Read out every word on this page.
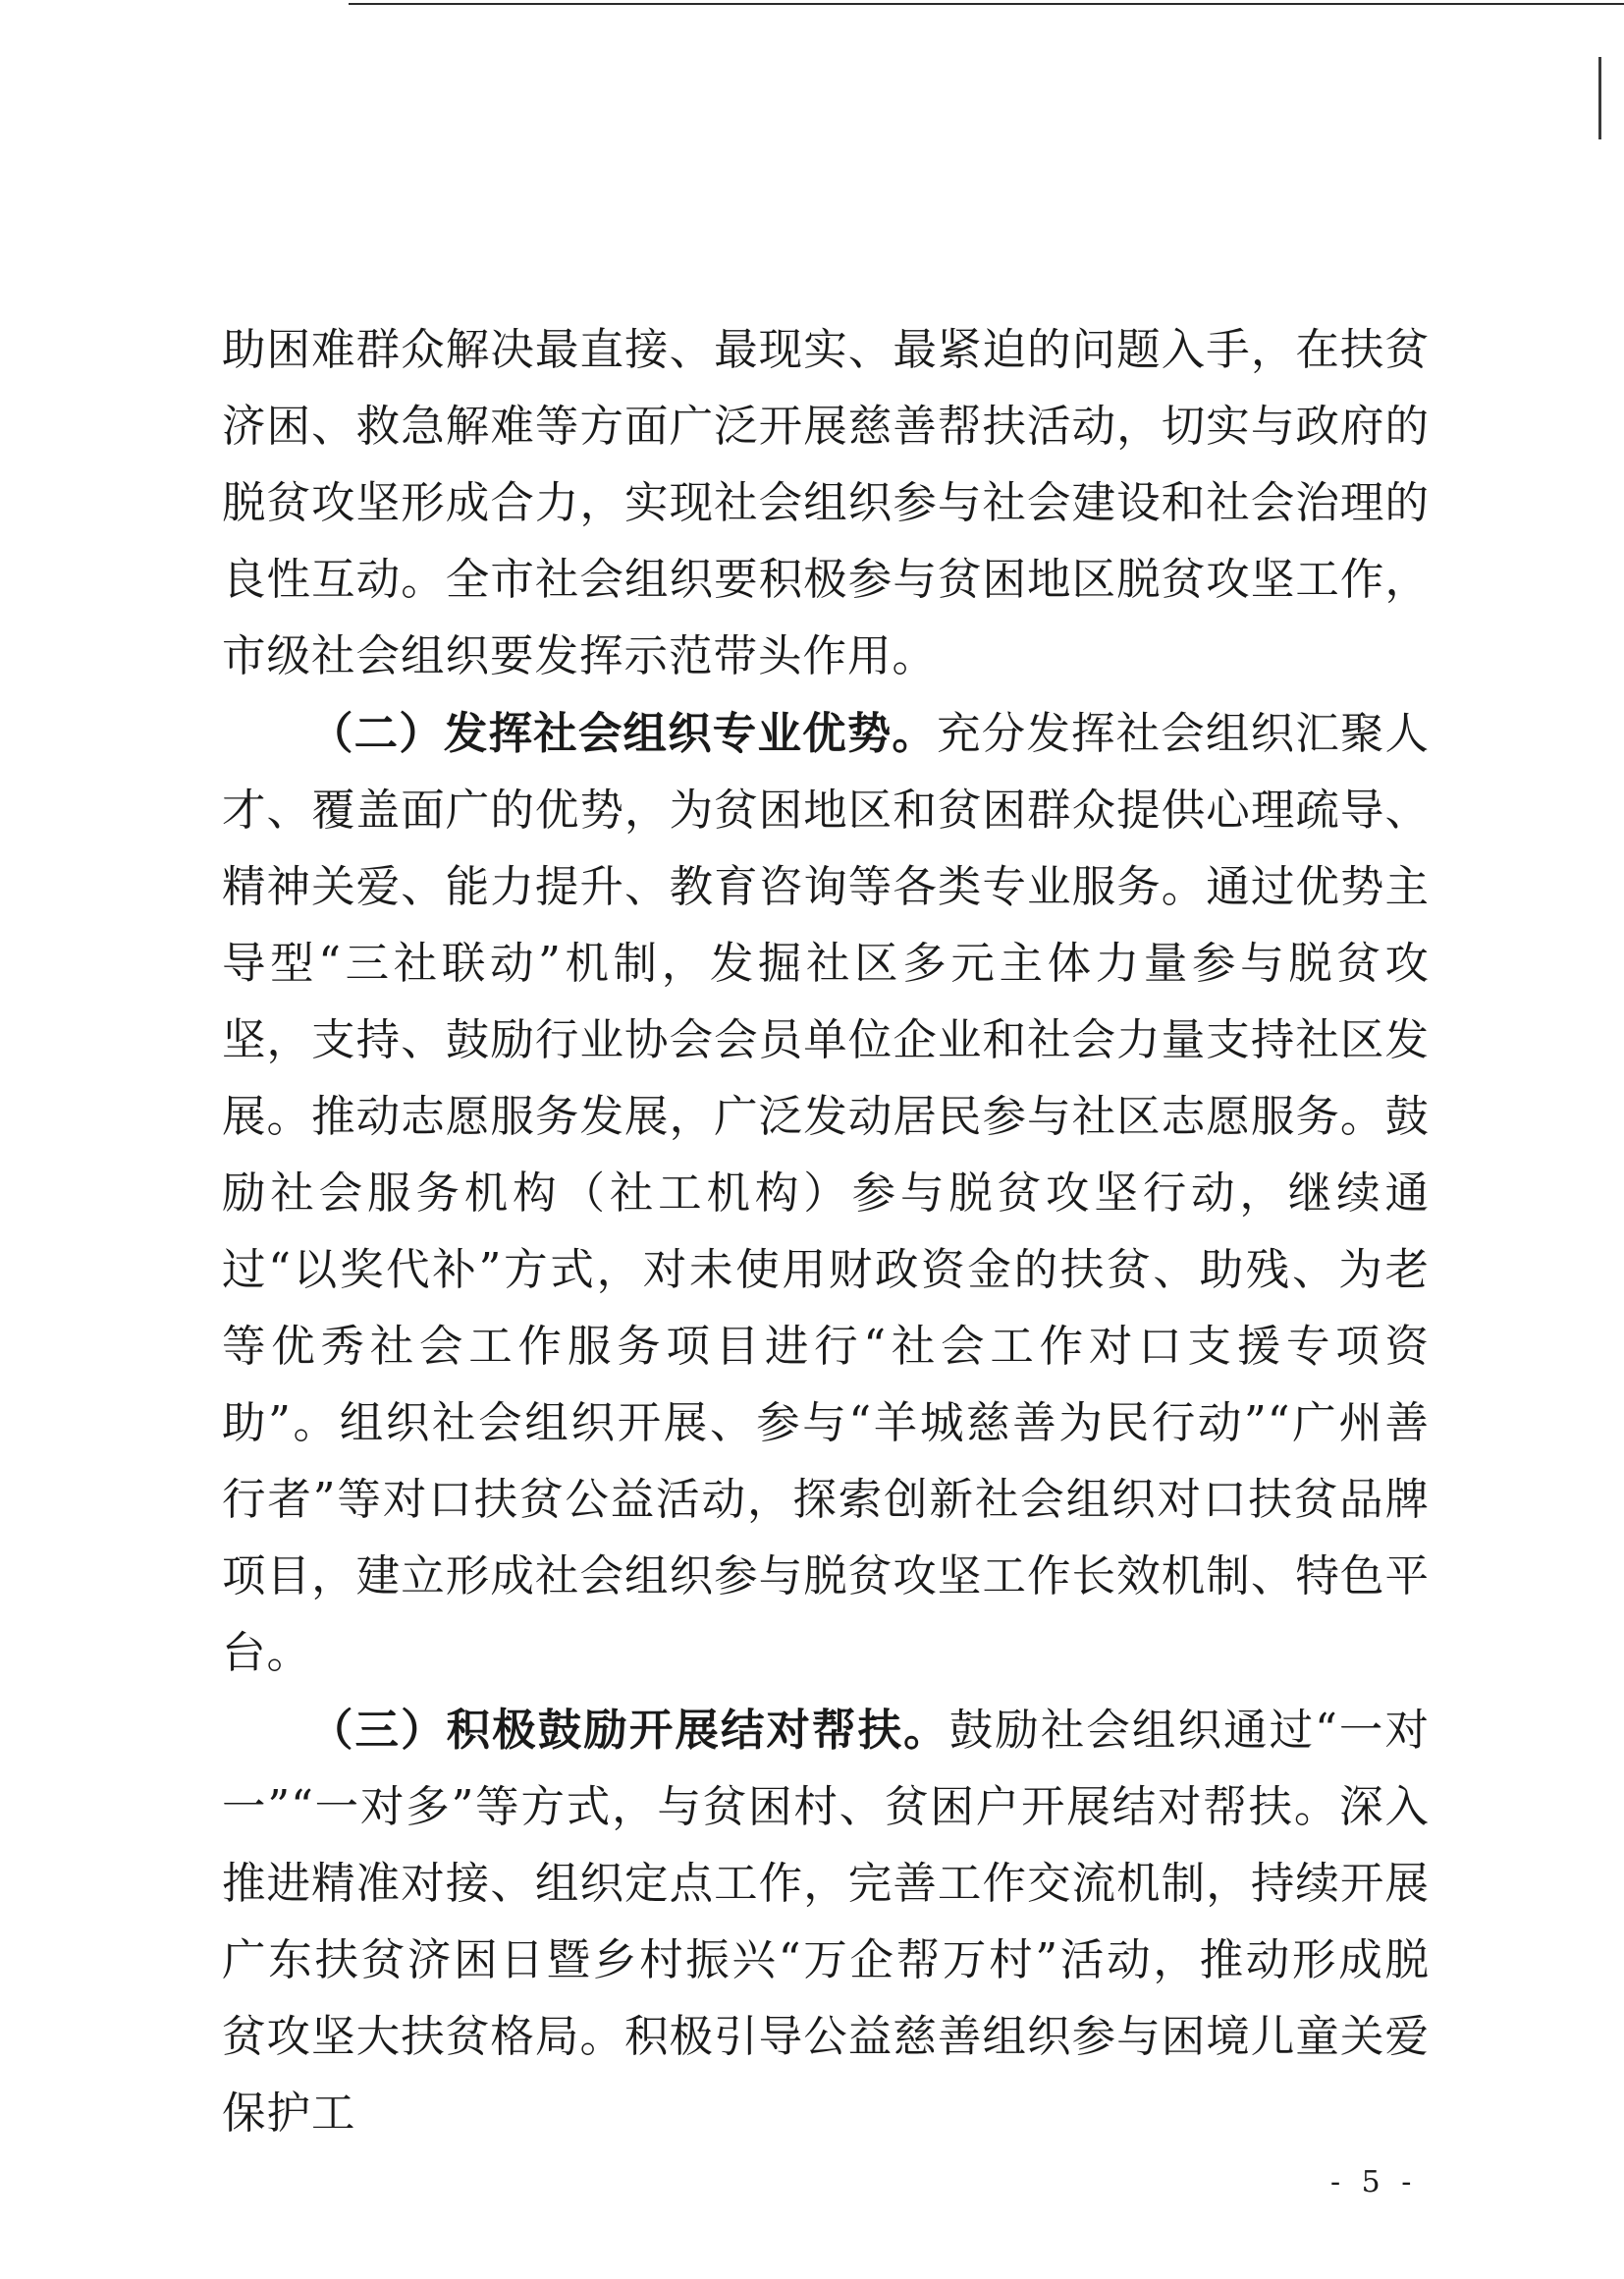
助困难群众解决最直接、最现实、最紧迫的问题入手，在扶贫济困、救急解难等方面广泛开展慈善帮扶活动，切实与政府的脱贫攻坚形成合力，实现社会组织参与社会建设和社会治理的良性互动。全市社会组织要积极参与贫困地区脱贫攻坚工作，市级社会组织要发挥示范带头作用。

（二）发挥社会组织专业优势。充分发挥社会组织汇聚人才、覆盖面广的优势，为贫困地区和贫困群众提供心理疏导、精神关爱、能力提升、教育咨询等各类专业服务。通过优势主导型“三社联动”机制，发掘社区多元主体力量参与脱贫攻坚，支持、鼓励行业协会会员单位企业和社会力量支持社区发展。推动志愿服务发展，广泛发动居民参与社区志愿服务。鼓励社会服务机构（社工机构）参与脱贫攻坚行动，继续通过“以奖代补”方式，对未使用财政资金的扶贫、助残、为老等优秀社会工作服务项目进行“社会工作对口支援专项资助”。组织社会组织开展、参与“羊城慈善为民行动”“广州善行者”等对口扶贫公益活动，探索创新社会组织对口扶贫品牌项目，建立形成社会组织参与脱贫攻坚工作长效机制、特色平台。

（三）积极鼓励开展结对帮扶。鼓励社会组织通过“一对一”“一对多”等方式，与贫困村、贫困户开展结对帮扶。深入推进精准对接、组织定点工作，完善工作交流机制，持续开展广东扶贫济困日暨乡村振兴“万企帮万村”活动，推动形成脱贫攻坚大扶贫格局。积极引导公益慈善组织参与困境儿童关爱保护工

- 5 -
